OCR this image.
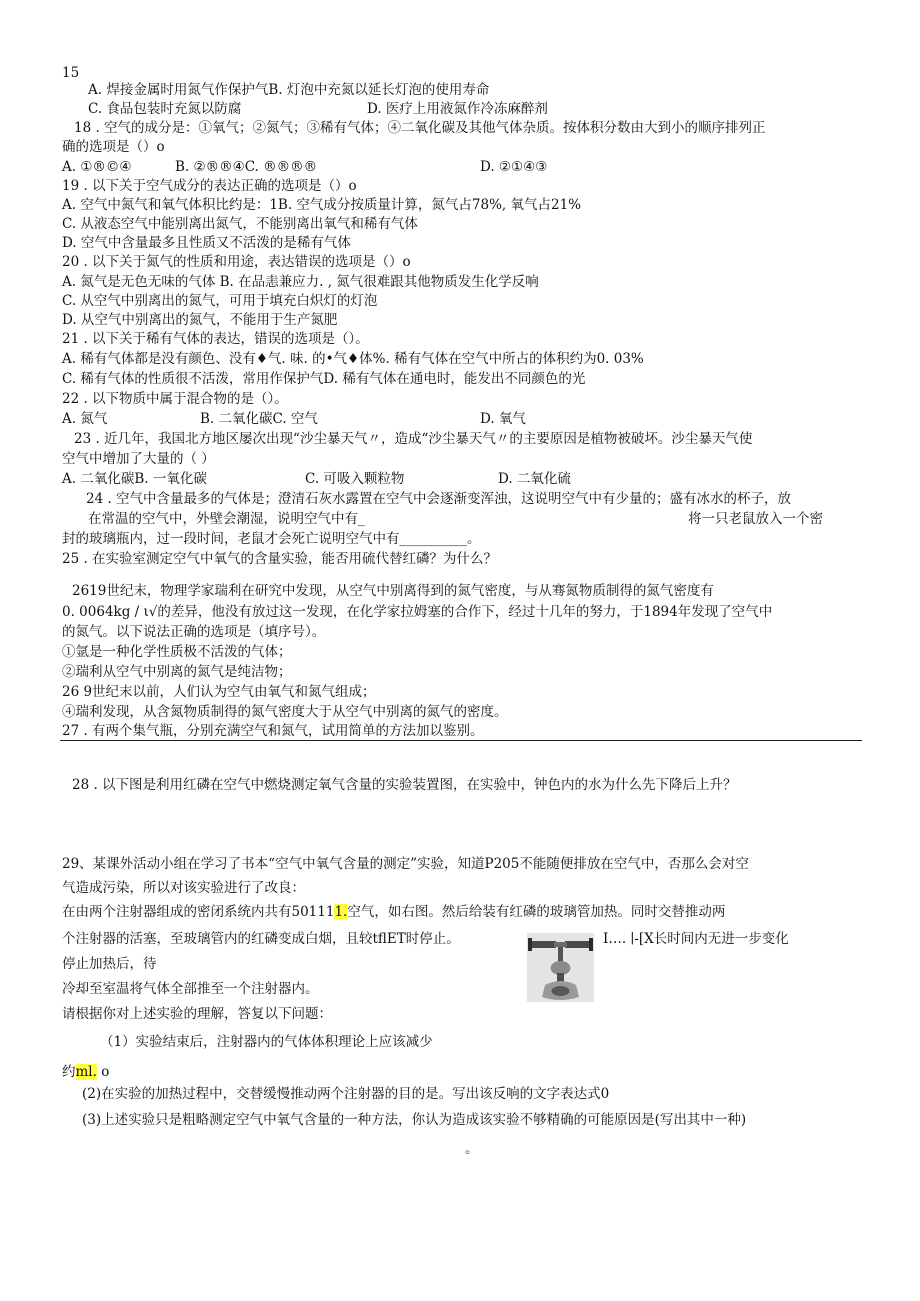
15
A. 焊接金属时用氮气作保护气B. 灯泡中充氮以延长灯泡的使用寿命
C. 食品包装时充氮以防腐	D. 医疗上用液氮作冷冻麻醉剂
18 . 空气的成分是：①氧气；②氮气；③稀有气体；④二氧化碳及其他气体杂质。按体积分数由大到小的顺序排列正
确的选项是（）o
A. ①®©④	B. ②®®④C. ®®®®	D. ②①④③
19 . 以下关于空气成分的表达正确的选项是（）o
A. 空气中氮气和氧气体积比约是：1B. 空气成分按质量计算，氮气占78%, 氧气占21%
C. 从液态空气中能别离出氮气，不能别离出氧气和稀有气体
D. 空气中含量最多且性质又不活泼的是稀有气体
20 . 以下关于氮气的性质和用途，表达错误的选项是（）o
A. 氮气是无色无味的气体 B. 在品恚兼应力. , 氮气很难跟其他物质发生化学反响
C. 从空气中别离出的氮气，可用于填充白炽灯的灯泡
D. 从空气中别离出的氮气，不能用于生产氮肥
21 . 以下关于稀有气体的表达，错误的选项是（）。
A. 稀有气体都是没有颜色、没有♦气. 味. 的•气♦体%. 稀有气体在空气中所占的体积约为0. 03%
C. 稀有气体的性质很不活泼，常用作保护气D. 稀有气体在通电时，能发出不同颜色的光
22 . 以下物质中属于混合物的是（）。
A. 氮气	B. 二氧化碳C. 空气	D. 氧气
23 . 近几年，我国北方地区屡次出现“沙尘暴天气〃，造成“沙尘暴天气〃的主要原因是植物被破坏。沙尘暴天气使
空气中增加了大量的（ ）
A. 二氧化碳B. 一氧化碳	C. 可吸入颗粒物	D. 二氧化硫
24 . 空气中含量最多的气体是；澄清石灰水露置在空气中会逐渐变浑浊，这说明空气中有少量的；盛有冰水的杯子，放
在常温的空气中，外壁会潮湿，说明空气中有_	将一只老鼠放入一个密
封的玻璃瓶内，过一段时间，老鼠才会死亡说明空气中有__________。
25 . 在实验室测定空气中氧气的含量实验，能否用硫代替红磷？为什么？
2619世纪末，物理学家瑞利在研究中发现，从空气中别离得到的氮气密度，与从骞氮物质制得的氮气密度有
0. 0064kg / ι√的差异，他没有放过这一发现，在化学家拉姆塞的合作下，经过十几年的努力，于1894年发现了空气中
的氮气。以下说法正确的选项是（填序号）。
①氩是一种化学性质极不活泼的气体；
②瑞利从空气中别离的氮气是纯洁物；
26 9世纪末以前，人们认为空气由氧气和氮气组成；
④瑞利发现，从含氮物质制得的氮气密度大于从空气中别离的氮气的密度。
27 . 有两个集气瓶，分别充满空气和氮气，试用简单的方法加以鉴别。
28 . 以下图是利用红磷在空气中燃烧测定氧气含量的实验装置图，在实验中，钟色内的水为什么先下降后上升？
29、某课外活动小组在学习了书本“空气中氧气含量的测定”实验，知道P205不能随便排放在空气中，否那么会对空
气造成污染，所以对该实验进行了改良：
在由两个注射器组成的密闭系统内共有501111.空气，如右图。然后给装有红磷的玻璃管加热。同时交替推动两
个注射器的活塞，至玻璃管内的红磷变成白烟，且较tflET时停止。	I…. ∣-[X长时间内无进一步变化
停止加热后，待
冷却至室温将气体全部推至一个注射器内。
请根据你对上述实验的理解，答复以下问题：
（1）实验结束后，注射器内的气体体积理论上应该减少
约ml. o
(2)在实验的加热过程中，交替缓慢推动两个注射器的目的是。写出该反响的文字表达式0
(3)上述实验只是粗略测定空气中氧气含量的一种方法，你认为造成该实验不够精确的可能原因是(写出其中一种)
。
